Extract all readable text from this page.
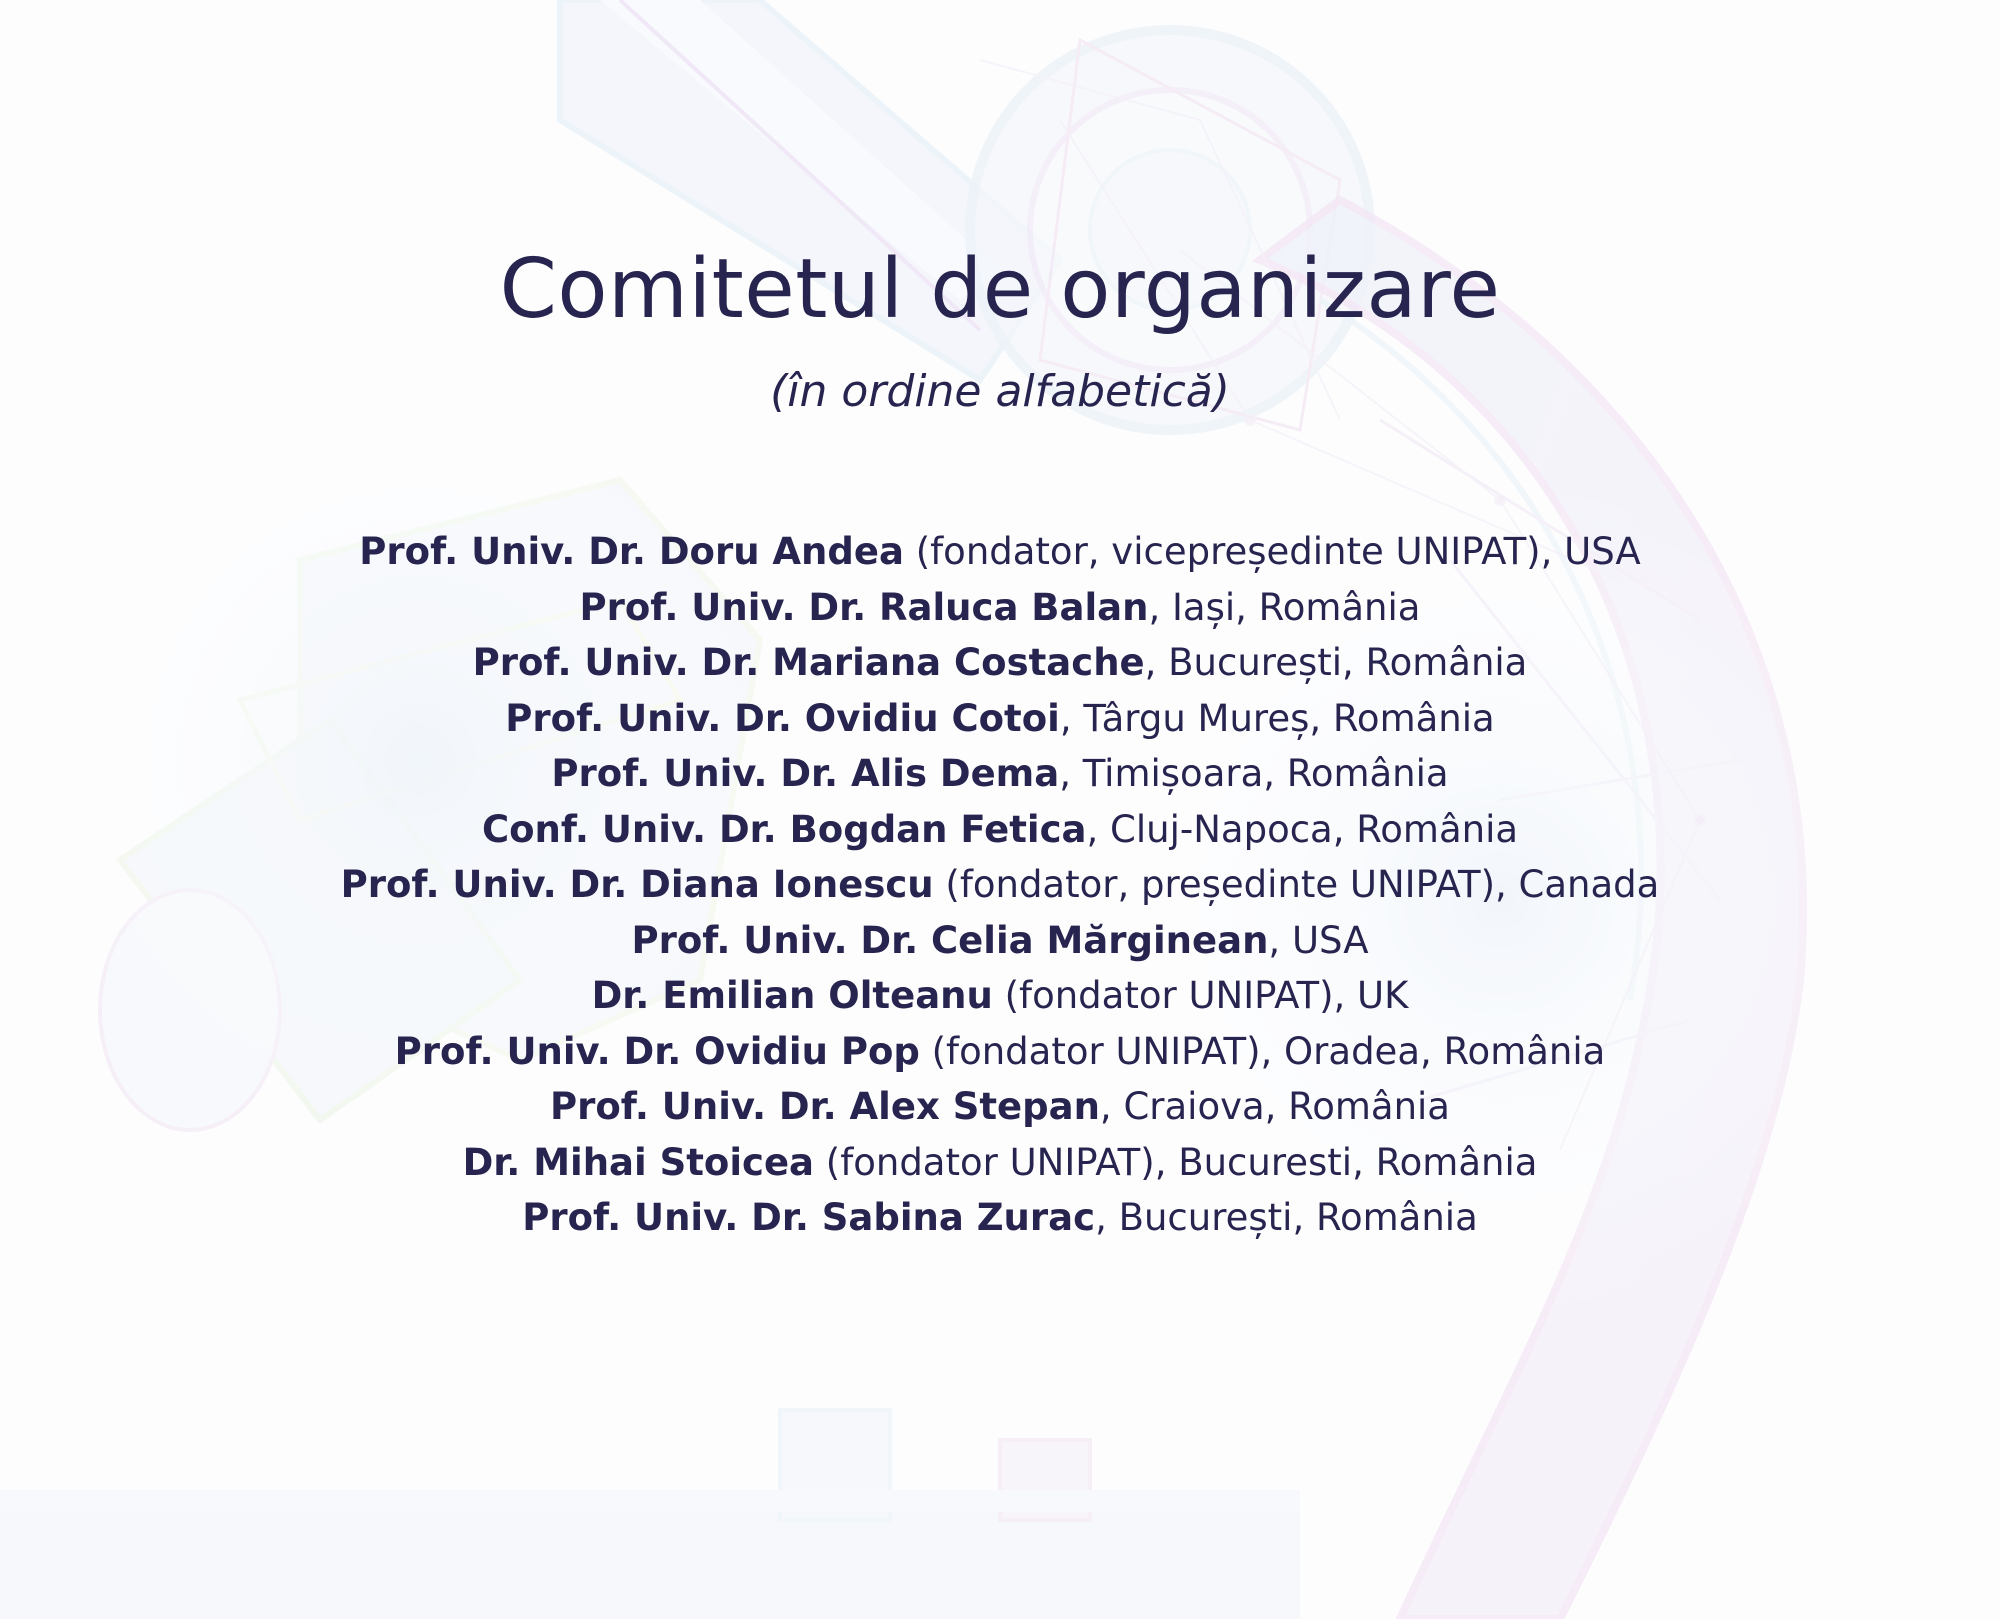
Comitetul de organizare
(în ordine alfabetică)
Prof. Univ. Dr. Doru Andea (fondator, vicepreședinte UNIPAT), USA
Prof. Univ. Dr. Raluca Balan, Iași, România
Prof. Univ. Dr. Mariana Costache, București, România
Prof. Univ. Dr. Ovidiu Cotoi, Târgu Mureș, România
Prof. Univ. Dr. Alis Dema, Timișoara, România
Conf. Univ. Dr. Bogdan Fetica, Cluj-Napoca, România
Prof. Univ. Dr. Diana Ionescu (fondator, președinte UNIPAT), Canada
Prof. Univ. Dr. Celia Mărginean, USA
Dr. Emilian Olteanu (fondator UNIPAT), UK
Prof. Univ. Dr. Ovidiu Pop (fondator UNIPAT), Oradea, România
Prof. Univ. Dr. Alex Stepan, Craiova, România
Dr. Mihai Stoicea (fondator UNIPAT), Bucuresti, România
Prof. Univ. Dr. Sabina Zurac, București, România
